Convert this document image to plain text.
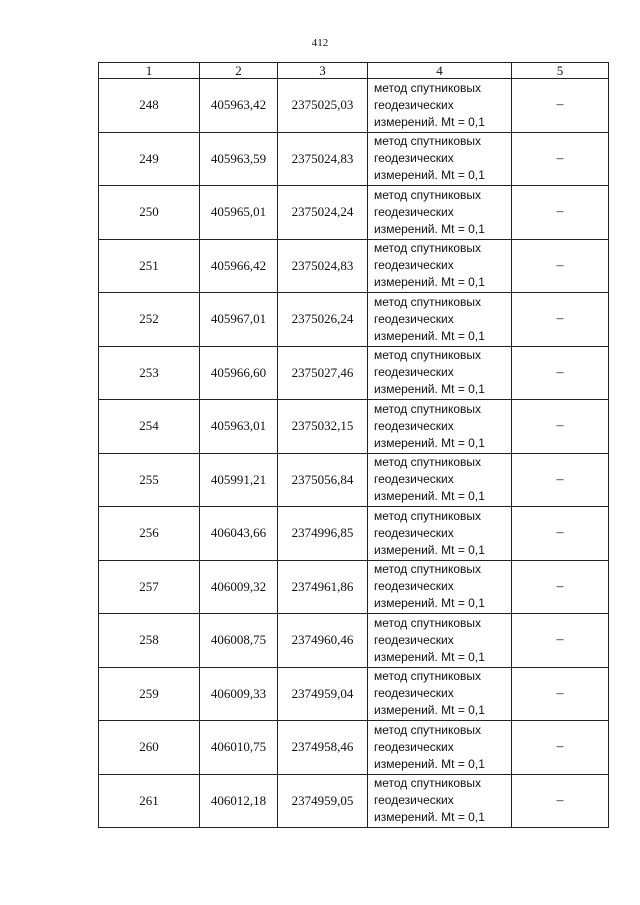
412
1	2	3	4	5
248	405963,42	2375025,03	метод спутниковых
геодезических
измерений. Mt = 0,1	–
249	405963,59	2375024,83	метод спутниковых
геодезических
измерений. Mt = 0,1	–
250	405965,01	2375024,24	метод спутниковых
геодезических
измерений. Mt = 0,1	–
251	405966,42	2375024,83	метод спутниковых
геодезических
измерений. Mt = 0,1	–
252	405967,01	2375026,24	метод спутниковых
геодезических
измерений. Mt = 0,1	–
253	405966,60	2375027,46	метод спутниковых
геодезических
измерений. Mt = 0,1	–
254	405963,01	2375032,15	метод спутниковых
геодезических
измерений. Mt = 0,1	–
255	405991,21	2375056,84	метод спутниковых
геодезических
измерений. Mt = 0,1	–
256	406043,66	2374996,85	метод спутниковых
геодезических
измерений. Mt = 0,1	–
257	406009,32	2374961,86	метод спутниковых
геодезических
измерений. Mt = 0,1	–
258	406008,75	2374960,46	метод спутниковых
геодезических
измерений. Mt = 0,1	–
259	406009,33	2374959,04	метод спутниковых
геодезических
измерений. Mt = 0,1	–
260	406010,75	2374958,46	метод спутниковых
геодезических
измерений. Mt = 0,1	–
261	406012,18	2374959,05	метод спутниковых
геодезических
измерений. Mt = 0,1	–
